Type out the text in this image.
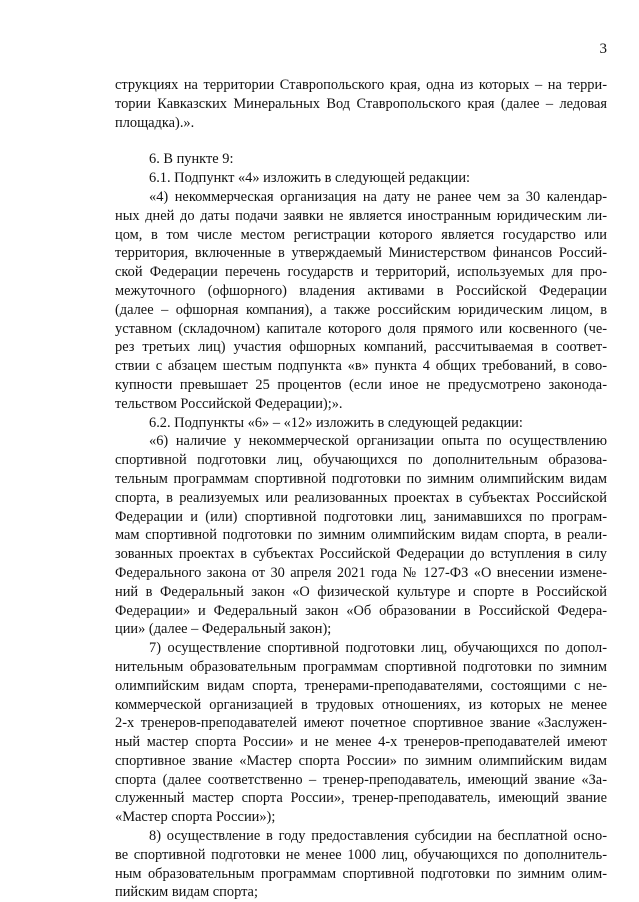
3
струкциях на территории Ставропольского края, одна из которых – на терри-
тории Кавказских Минеральных Вод Ставропольского края (далее – ледовая
площадка).».
6. В пункте 9:
6.1. Подпункт «4» изложить в следующей редакции:
«4) некоммерческая организация на дату не ранее чем за 30 календар-
ных дней до даты подачи заявки не является иностранным юридическим ли-
цом, в том числе местом регистрации которого является государство или
территория, включенные в утверждаемый Министерством финансов Россий-
ской Федерации перечень государств и территорий, используемых для про-
межуточного (офшорного) владения активами в Российской Федерации
(далее – офшорная компания), а также российским юридическим лицом, в
уставном (складочном) капитале которого доля прямого или косвенного (че-
рез третьих лиц) участия офшорных компаний, рассчитываемая в соответ-
ствии с абзацем шестым подпункта «в» пункта 4 общих требований, в сово-
купности превышает 25 процентов (если иное не предусмотрено законода-
тельством Российской Федерации);».
6.2. Подпункты «6» – «12» изложить в следующей редакции:
«6) наличие у некоммерческой организации опыта по осуществлению
спортивной подготовки лиц, обучающихся по дополнительным образова-
тельным программам спортивной подготовки по зимним олимпийским видам
спорта, в реализуемых или реализованных проектах в субъектах Российской
Федерации и (или) спортивной подготовки лиц, занимавшихся по програм-
мам спортивной подготовки по зимним олимпийским видам спорта, в реали-
зованных проектах в субъектах Российской Федерации до вступления в силу
Федерального закона от 30 апреля 2021 года № 127-ФЗ «О внесении измене-
ний в Федеральный закон «О физической культуре и спорте в Российской
Федерации» и Федеральный закон «Об образовании в Российской Федера-
ции» (далее – Федеральный закон);
7) осуществление спортивной подготовки лиц, обучающихся по допол-
нительным образовательным программам спортивной подготовки по зимним
олимпийским видам спорта, тренерами-преподавателями, состоящими с не-
коммерческой организацией в трудовых отношениях, из которых не менее
2-х тренеров-преподавателей имеют почетное спортивное звание «Заслужен-
ный мастер спорта России» и не менее 4-х тренеров-преподавателей имеют
спортивное звание «Мастер спорта России» по зимним олимпийским видам
спорта (далее соответственно – тренер-преподаватель, имеющий звание «За-
служенный мастер спорта России», тренер-преподаватель, имеющий звание
«Мастер спорта России»);
8) осуществление в году предоставления субсидии на бесплатной осно-
ве спортивной подготовки не менее 1000 лиц, обучающихся по дополнитель-
ным образовательным программам спортивной подготовки по зимним олим-
пийским видам спорта;
